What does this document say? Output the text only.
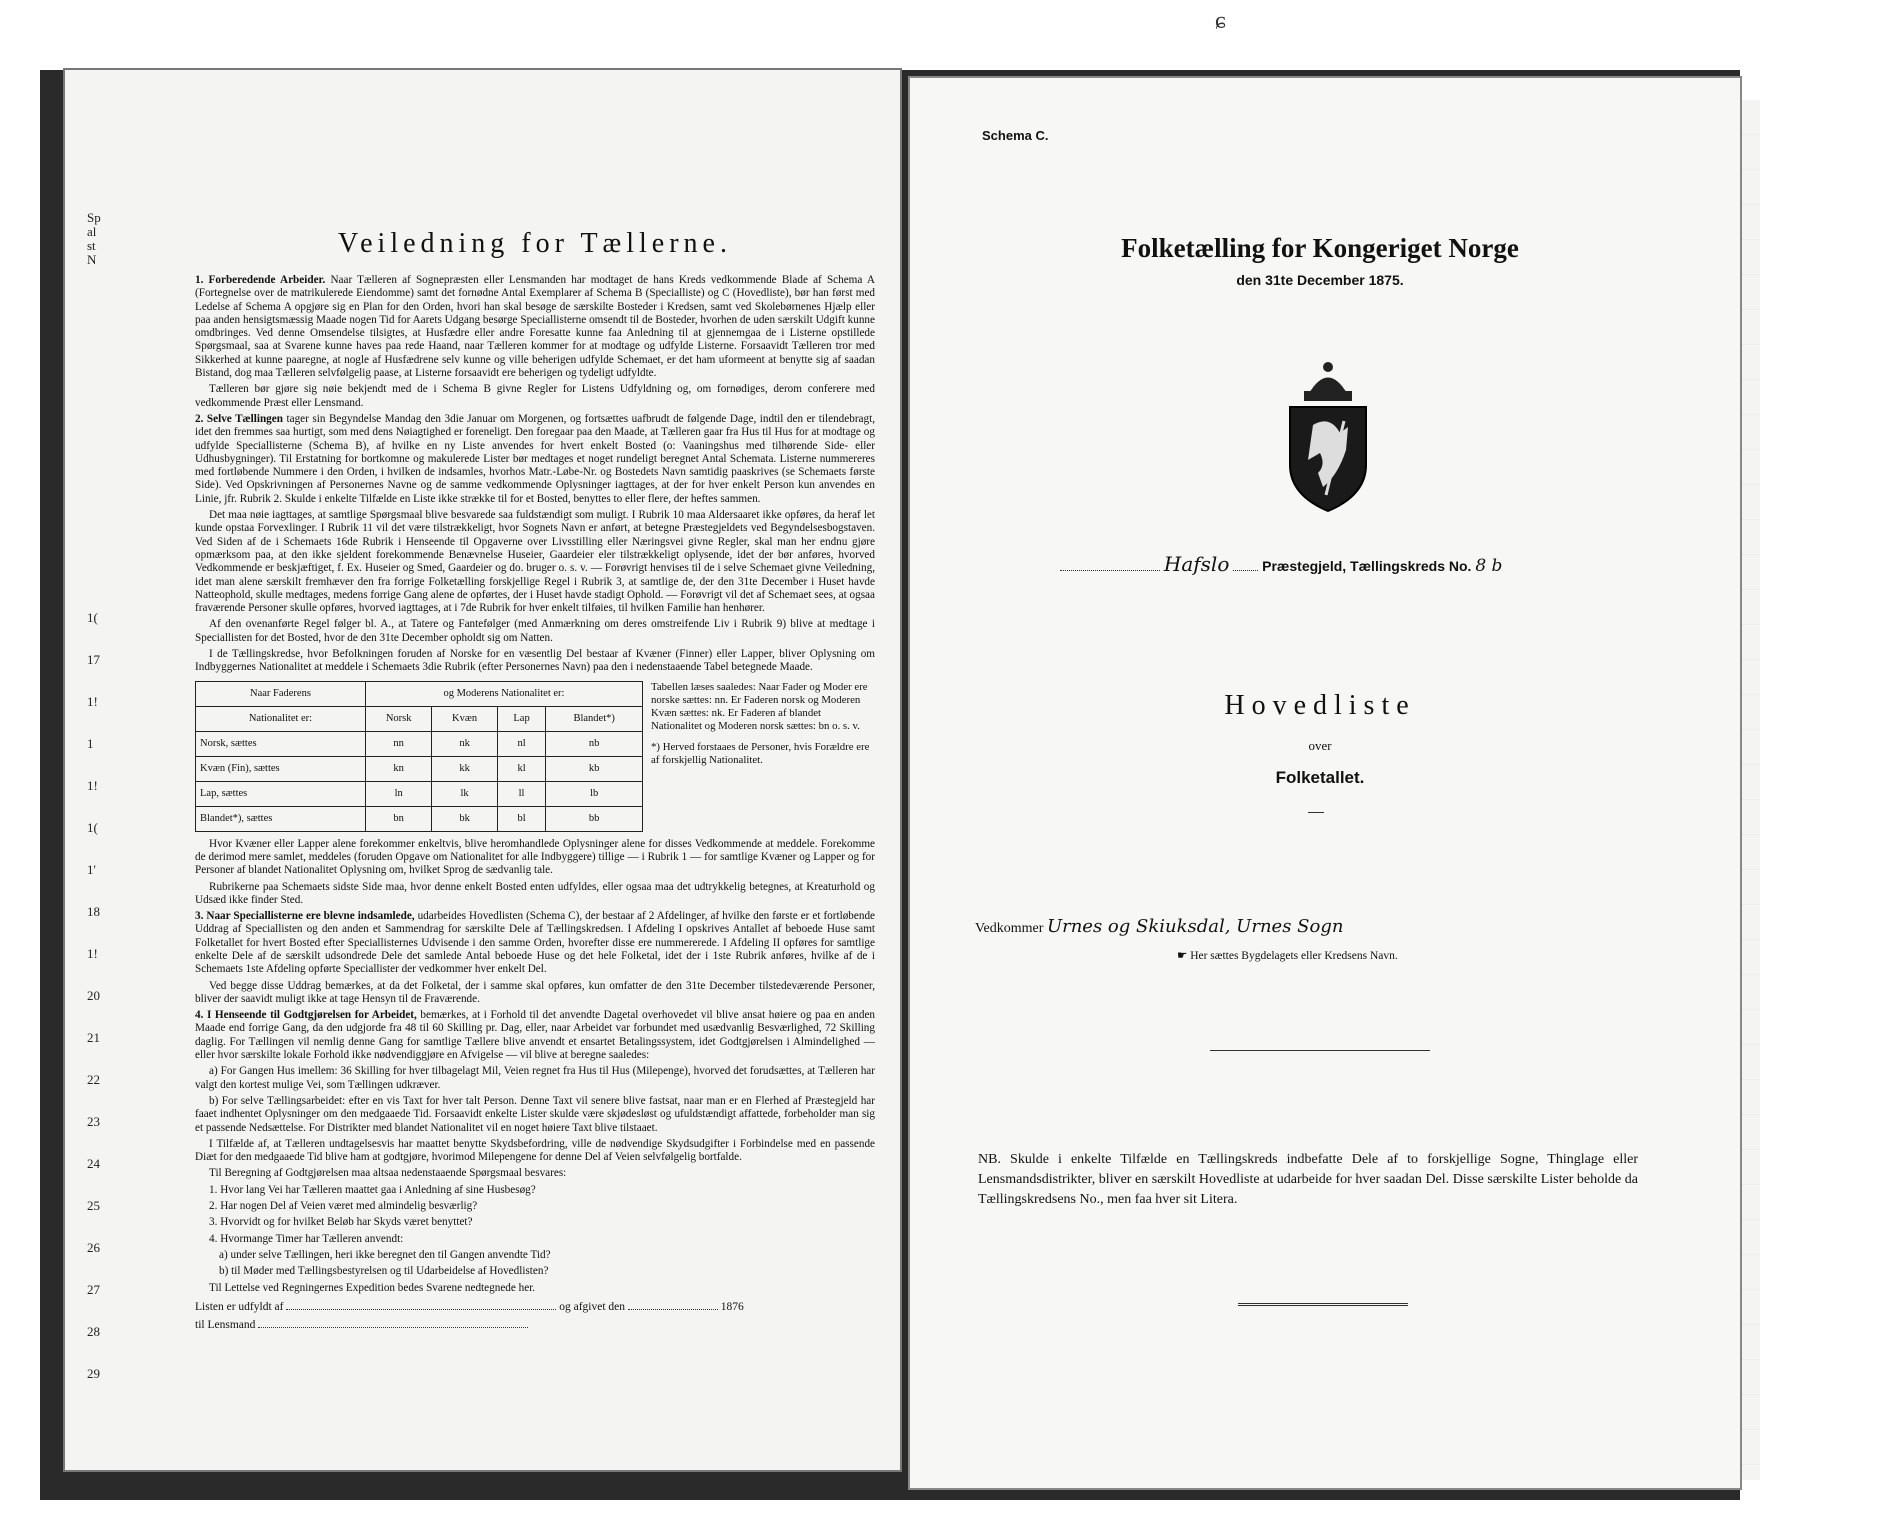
Sp
al
st
N
1(
17
1!
1
1!
1(
1'
18
1!
20
21
22
23
24
25
26
27
28
29
Veiledning for Tællerne.

1. Forberedende Arbeider. Naar Tælleren af Sognepræsten eller Lensmanden har modtaget de hans Kreds vedkommende Blade af Schema A (Fortegnelse over de matrikulerede Eiendomme) samt det fornødne Antal Exemplarer af Schema B (Specialliste) og C (Hovedliste), bør han først med Ledelse af Schema A opgjøre sig en Plan for den Orden, hvori han skal besøge de særskilte Bosteder i Kredsen, samt ved Skolebørnenes Hjælp eller paa anden hensigtsmæssig Maade nogen Tid for Aarets Udgang besørge Speciallisterne omsendt til de Bosteder, hvorhen de uden særskilt Udgift kunne omdbringes. Ved denne Omsendelse tilsigtes, at Husfædre eller andre Foresatte kunne faa Anledning til at gjennemgaa de i Listerne opstillede Spørgsmaal, saa at Svarene kunne haves paa rede Haand, naar Tælleren kommer for at modtage og udfylde Listerne. Forsaavidt Tælleren tror med Sikkerhed at kunne paaregne, at nogle af Husfædrene selv kunne og ville beherigen udfylde Schemaet, er det ham uformeent at benytte sig af saadan Bistand, dog maa Tælleren selvfølgelig paase, at Listerne forsaavidt ere beherigen og tydeligt udfyldte.

Tælleren bør gjøre sig nøie bekjendt med de i Schema B givne Regler for Listens Udfyldning og, om fornødiges, derom conferere med vedkommende Præst eller Lensmand.

2. Selve Tællingen tager sin Begyndelse Mandag den 3die Januar om Morgenen, og fortsættes uafbrudt de følgende Dage, indtil den er tilendebragt, idet den fremmes saa hurtigt, som med dens Nøiagtighed er foreneligt. Den foregaar paa den Maade, at Tælleren gaar fra Hus til Hus for at modtage og udfylde Speciallisterne (Schema B), af hvilke en ny Liste anvendes for hvert enkelt Bosted (o: Vaaningshus med tilhørende Side- eller Udhusbygninger). Til Erstatning for bortkomne og makulerede Lister bør medtages et noget rundeligt beregnet Antal Schemata. Listerne nummereres med fortløbende Nummere i den Orden, i hvilken de indsamles, hvorhos Matr.-Løbe-Nr. og Bostedets Navn samtidig paaskrives (se Schemaets første Side). Ved Opskrivningen af Personernes Navne og de samme vedkommende Oplysninger iagttages, at der for hver enkelt Person kun anvendes en Linie, jfr. Rubrik 2. Skulde i enkelte Tilfælde en Liste ikke strække til for et Bosted, benyttes to eller flere, der heftes sammen.

Det maa nøie iagttages, at samtlige Spørgsmaal blive besvarede saa fuldstændigt som muligt. I Rubrik 10 maa Aldersaaret ikke opføres, da heraf let kunde opstaa Forvexlinger. I Rubrik 11 vil det være tilstrækkeligt, hvor Sognets Navn er anført, at betegne Præstegjeldets ved Begyndelsesbogstaven. Ved Siden af de i Schemaets 16de Rubrik i Henseende til Opgaverne over Livsstilling eller Næringsvei givne Regler, skal man her endnu gjøre opmærksom paa, at den ikke sjeldent forekommende Benævnelse Huseier, Gaardeier eler tilstrækkeligt oplysende, idet der bør anføres, hvorved Vedkommende er beskjæftiget, f. Ex. Huseier og Smed, Gaardeier og do. bruger o. s. v. — Forøvrigt henvises til de i selve Schemaet givne Veiledning, idet man alene særskilt fremhæver den fra forrige Folketælling forskjellige Regel i Rubrik 3, at samtlige de, der den 31te December i Huset havde Natteophold, skulle medtages, medens forrige Gang alene de opførtes, der i Huset havde stadigt Ophold. — Forøvrigt vil det af Schemaet sees, at ogsaa fraværende Personer skulle opføres, hvorved iagttages, at i 7de Rubrik for hver enkelt tilføies, til hvilken Familie han henhører.

Af den ovenanførte Regel følger bl. A., at Tatere og Fantefølger (med Anmærkning om deres omstreifende Liv i Rubrik 9) blive at medtage i Speciallisten for det Bosted, hvor de den 31te December opholdt sig om Natten.

I de Tællingskredse, hvor Befolkningen foruden af Norske for en væsentlig Del bestaar af Kvæner (Finner) eller Lapper, bliver Oplysning om Indbyggernes Nationalitet at meddele i Schemaets 3die Rubrik (efter Personernes Navn) paa den i nedenstaaende Tabel betegnede Maade.

Naar Faderens	og Moderens Nationalitet er:			
Nationalitet er:	Norsk	Kvæn	Lap	Blandet*)
Norsk, sættes	nn	nk	nl	nb
Kvæn (Fin), sættes	kn	kk	kl	kb
Lap, sættes	ln	lk	ll	lb
Blandet*), sættes	bn	bk	bl	bb
Tabellen læses saaledes: Naar Fader og Moder ere norske sættes: nn. Er Faderen norsk og Moderen Kvæn sættes: nk. Er Faderen af blandet Nationalitet og Moderen norsk sættes: bn o. s. v.
*) Herved forstaaes de Personer, hvis Forældre ere af forskjellig Nationalitet.

Hvor Kvæner eller Lapper alene forekommer enkeltvis, blive heromhandlede Oplysninger alene for disses Vedkommende at meddele. Forekomme de derimod mere samlet, meddeles (foruden Opgave om Nationalitet for alle Indbyggere) tillige — i Rubrik 1 — for samtlige Kvæner og Lapper og for Personer af blandet Nationalitet Oplysning om, hvilket Sprog de sædvanlig tale.

Rubrikerne paa Schemaets sidste Side maa, hvor denne enkelt Bosted enten udfyldes, eller ogsaa maa det udtrykkelig betegnes, at Kreaturhold og Udsæd ikke finder Sted.

3. Naar Speciallisterne ere blevne indsamlede, udarbeides Hovedlisten (Schema C), der bestaar af 2 Afdelinger, af hvilke den første er et fortløbende Uddrag af Speciallisten og den anden et Sammendrag for særskilte Dele af Tællingskredsen. I Afdeling I opskrives Antallet af beboede Huse samt Folketallet for hvert Bosted efter Speciallisternes Udvisende i den samme Orden, hvorefter disse ere nummererede. I Afdeling II opføres for samtlige enkelte Dele af de særskilt udsondrede Dele det samlede Antal beboede Huse og det hele Folketal, idet der i 1ste Rubrik anføres, hvilke af de i Schemaets 1ste Afdeling opførte Speciallister der vedkommer hver enkelt Del.

Ved begge disse Uddrag bemærkes, at da det Folketal, der i samme skal opføres, kun omfatter de den 31te December tilstedeværende Personer, bliver der saavidt muligt ikke at tage Hensyn til de Fraværende.

4. I Henseende til Godtgjørelsen for Arbeidet, bemærkes, at i Forhold til det anvendte Dagetal overhovedet vil blive ansat høiere og paa en anden Maade end forrige Gang, da den udgjorde fra 48 til 60 Skilling pr. Dag, eller, naar Arbeidet var forbundet med usædvanlig Besværlighed, 72 Skilling daglig. For Tællingen vil nemlig denne Gang for samtlige Tællere blive anvendt et ensartet Betalingssystem, idet Godtgjørelsen i Almindelighed — eller hvor særskilte lokale Forhold ikke nødvendiggjøre en Afvigelse — vil blive at beregne saaledes:

a) For Gangen Hus imellem: 36 Skilling for hver tilbagelagt Mil, Veien regnet fra Hus til Hus (Milepenge), hvorved det forudsættes, at Tælleren har valgt den kortest mulige Vei, som Tællingen udkræver.

b) For selve Tællingsarbeidet: efter en vis Taxt for hver talt Person. Denne Taxt vil senere blive fastsat, naar man er en Flerhed af Præstegjeld har faaet indhentet Oplysninger om den medgaaede Tid. Forsaavidt enkelte Lister skulde være skjødesløst og ufuldstændigt affattede, forbeholder man sig et passende Nedsættelse. For Distrikter med blandet Nationalitet vil en noget høiere Taxt blive tilstaaet.

I Tilfælde af, at Tælleren undtagelsesvis har maattet benytte Skydsbefordring, ville de nødvendige Skydsudgifter i Forbindelse med en passende Diæt for den medgaaede Tid blive ham at godtgjøre, hvorimod Milepengene for denne Del af Veien selvfølgelig bortfalde.

Til Beregning af Godtgjørelsen maa altsaa nedenstaaende Spørgsmaal besvares:

1. Hvor lang Vei har Tælleren maattet gaa i Anledning af sine Husbesøg?
2. Har nogen Del af Veien været med almindelig besværlig?
3. Hvorvidt og for hvilket Beløb har Skyds været benyttet?
4. Hvormange Timer har Tælleren anvendt:
a) under selve Tællingen, heri ikke beregnet den til Gangen anvendte Tid?
b) til Møder med Tællingsbestyrelsen og til Udarbeidelse af Hovedlisten?
Til Lettelse ved Regningernes Expedition bedes Svarene nedtegnede her.
Listen er udfyldt af	og afgivet den	1876
til Lensmand
ɕ
Schema C.
Folketælling for Kongeriget Norge
den 31te December 1875.
Hafslo Præstegjeld, Tællingskreds No. 8 b
Hovedliste
over
Folketallet.
Vedkommer Urnes og Skiuksdal, Urnes Sogn
☛ Her sættes Bygdelagets eller Kredsens Navn.
NB. Skulde i enkelte Tilfælde en Tællingskreds indbefatte Dele af to forskjellige Sogne, Thinglage eller Lensmandsdistrikter, bliver en særskilt Hovedliste at udarbeide for hver saadan Del. Disse særskilte Lister beholde da Tællingskredsens No., men faa hver sit Litera.
